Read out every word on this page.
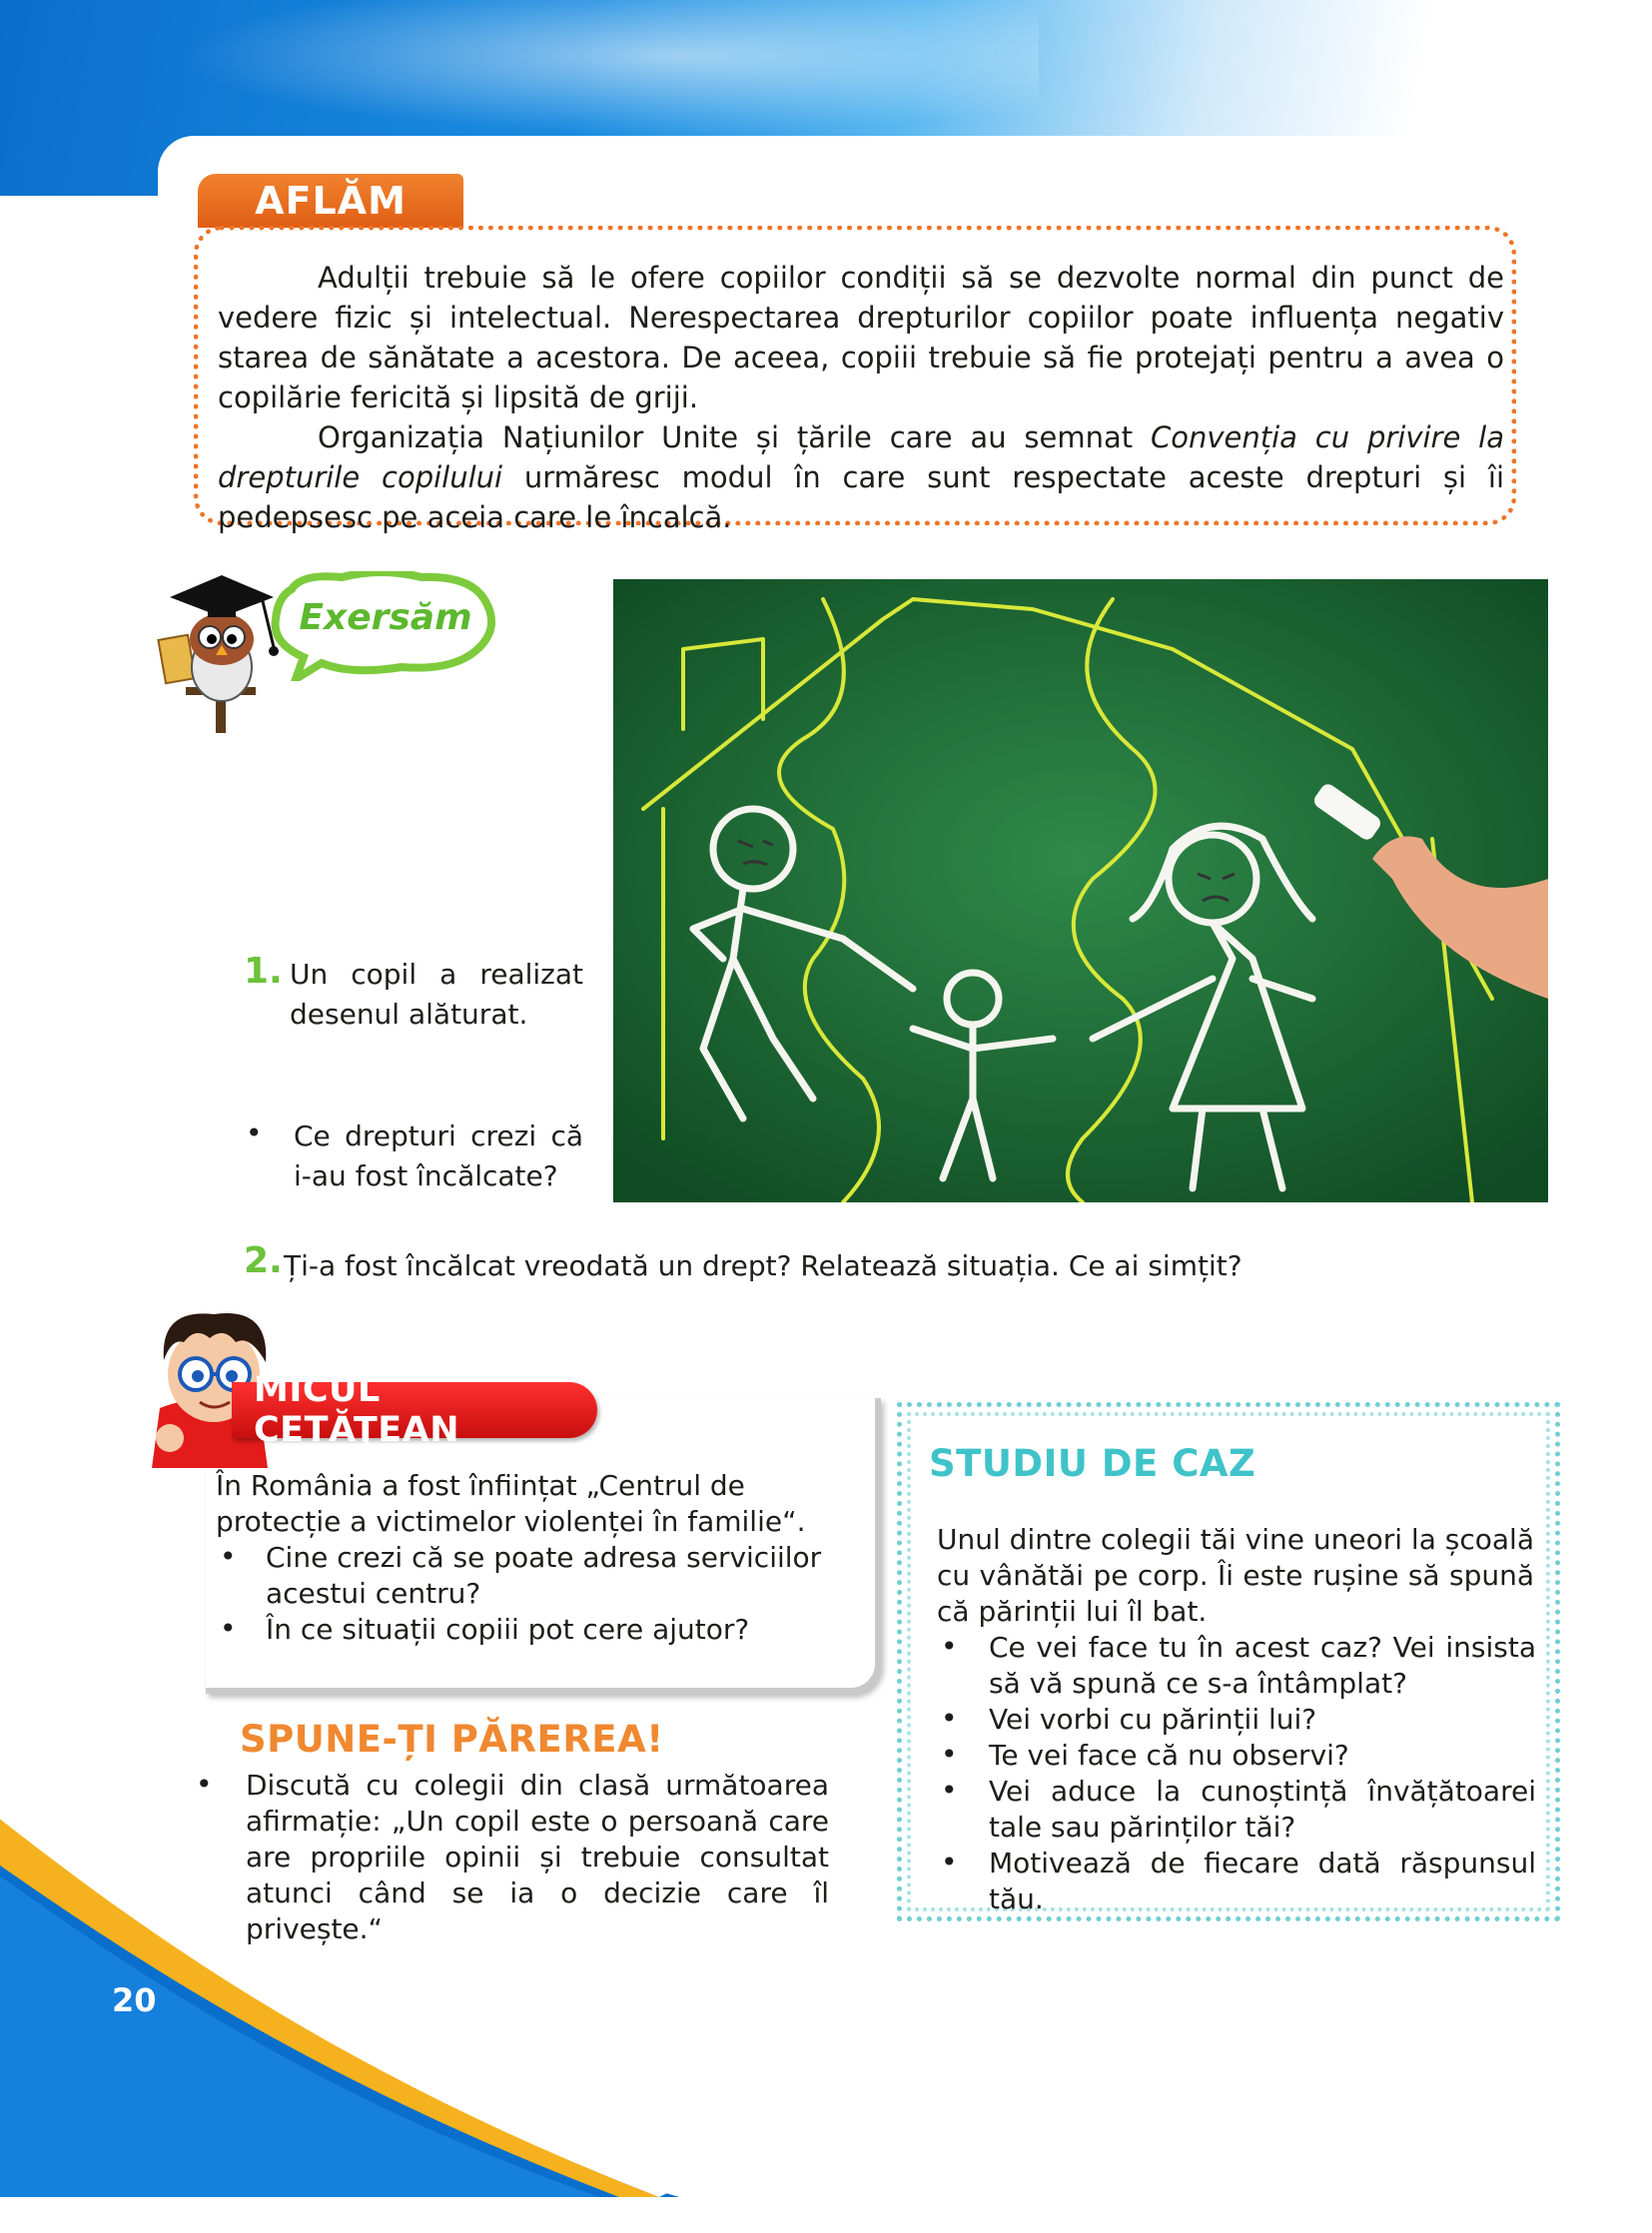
AFLĂM

Adulții trebuie să le ofere copiilor condiții să se dezvolte normal din punct de vedere fizic și intelectual. Nerespectarea drepturilor copiilor poate influența negativ starea de sănătate a acestora. De aceea, copiii trebuie să fie protejați pentru a avea o copilărie fericită și lipsită de griji.

Organizația Națiunilor Unite și țările care au semnat Convenția cu privire la drepturile copilului urmăresc modul în care sunt respectate aceste drepturi și îi pedepsesc pe aceia care le încalcă.

Exersăm
1. Un copil a realizat
desenul alăturat.
• Ce drepturi crezi că
i-au fost încălcate?
2. Ți-a fost încălcat vreodată un drept? Relatează situația. Ce ai simțit?
MICUL CETĂŢEAN
În România a fost înființat „Centrul de protecție a victimelor violenței în familie“.
• Cine crezi că se poate adresa serviciilor acestui centru?
• În ce situații copiii pot cere ajutor?
SPUNE-ȚI PĂREREA!
• Discută cu colegii din clasă următoarea afirmație: „Un copil este o persoană care are propriile opinii și trebuie consultat atunci când se ia o decizie care îl privește.“
STUDIU DE CAZ
Unul dintre colegii tăi vine uneori la școală cu vânătăi pe corp. Îi este rușine să spună că părinții lui îl bat.
• Ce vei face tu în acest caz? Vei insista să vă spună ce s-a întâmplat?
• Vei vorbi cu părinții lui?
• Te vei face că nu observi?
• Vei aduce la cunoștință învățătoarei tale sau părinților tăi?
• Motivează de fiecare dată răspunsul tău.
20
